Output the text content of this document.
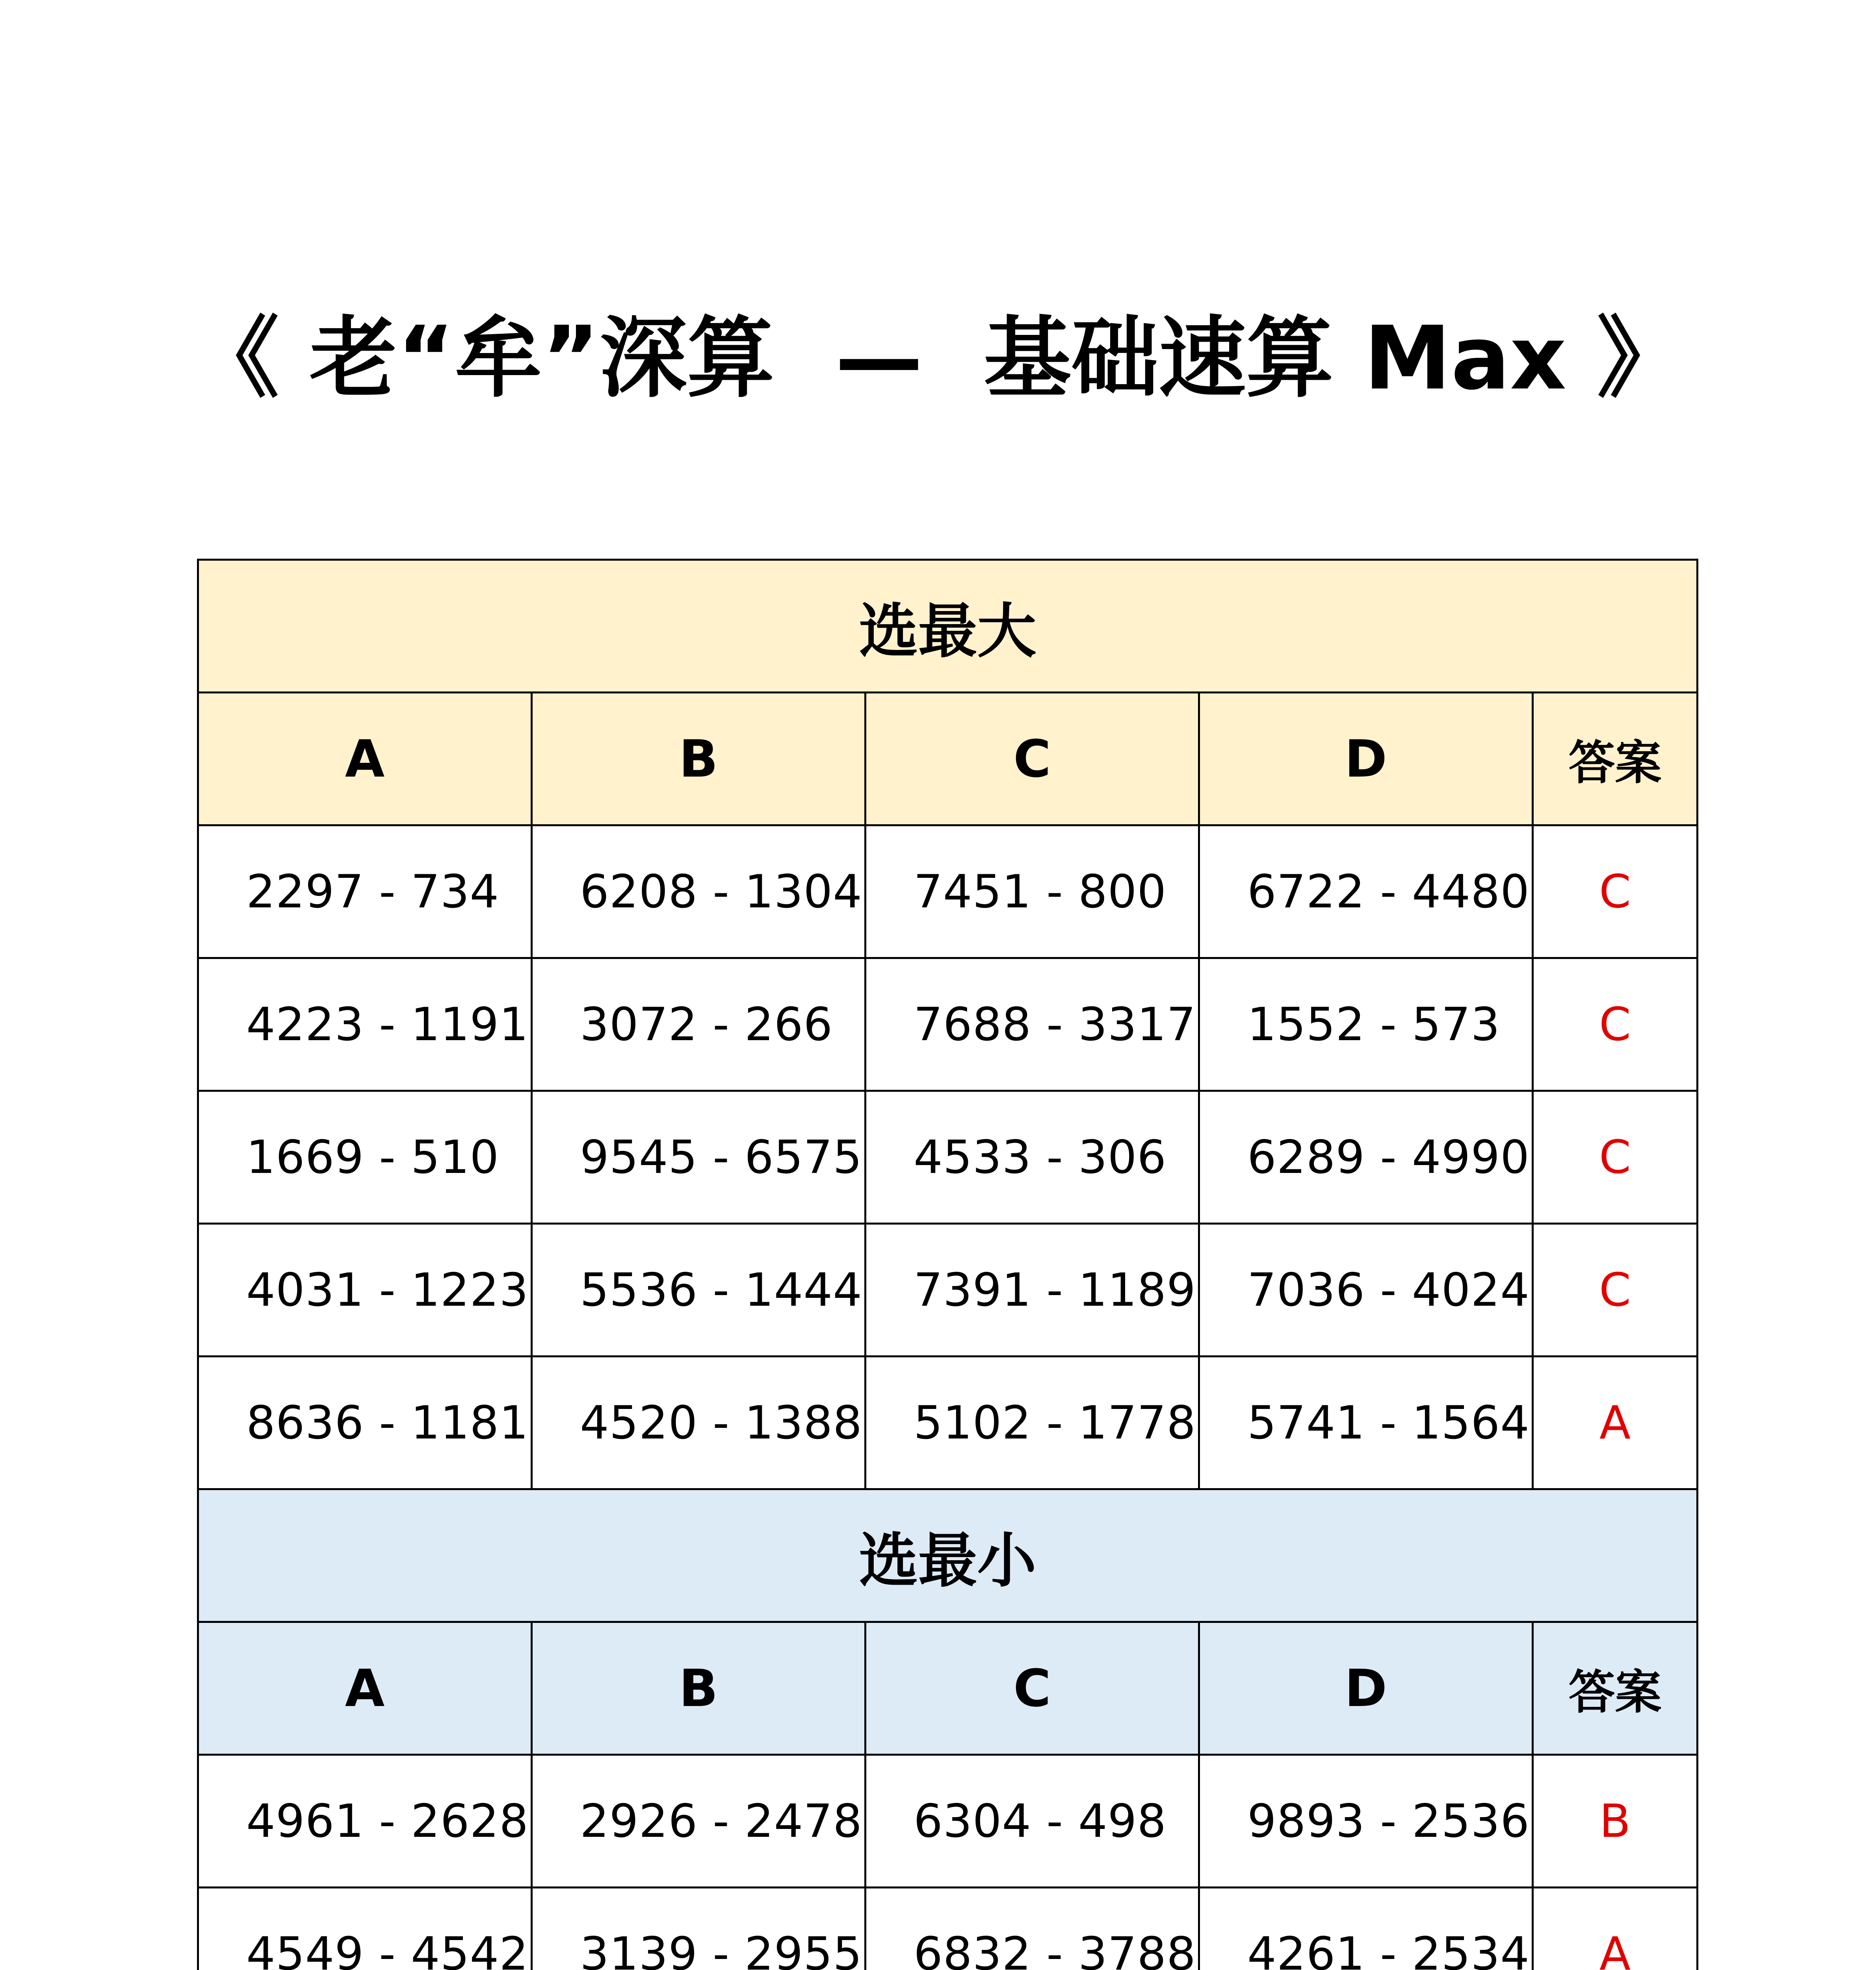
《 老“牟”深算  —  基础速算 Max 》
选最大				
A	B	C	D	答案
2297 - 734	6208 - 1304	7451 - 800	6722 - 4480	C
4223 - 1191	3072 - 266	7688 - 3317	1552 - 573	C
1669 - 510	9545 - 6575	4533 - 306	6289 - 4990	C
4031 - 1223	5536 - 1444	7391 - 1189	7036 - 4024	C
8636 - 1181	4520 - 1388	5102 - 1778	5741 - 1564	A
选最小				
A	B	C	D	答案
4961 - 2628	2926 - 2478	6304 - 498	9893 - 2536	B
4549 - 4542	3139 - 2955	6832 - 3788	4261 - 2534	A
